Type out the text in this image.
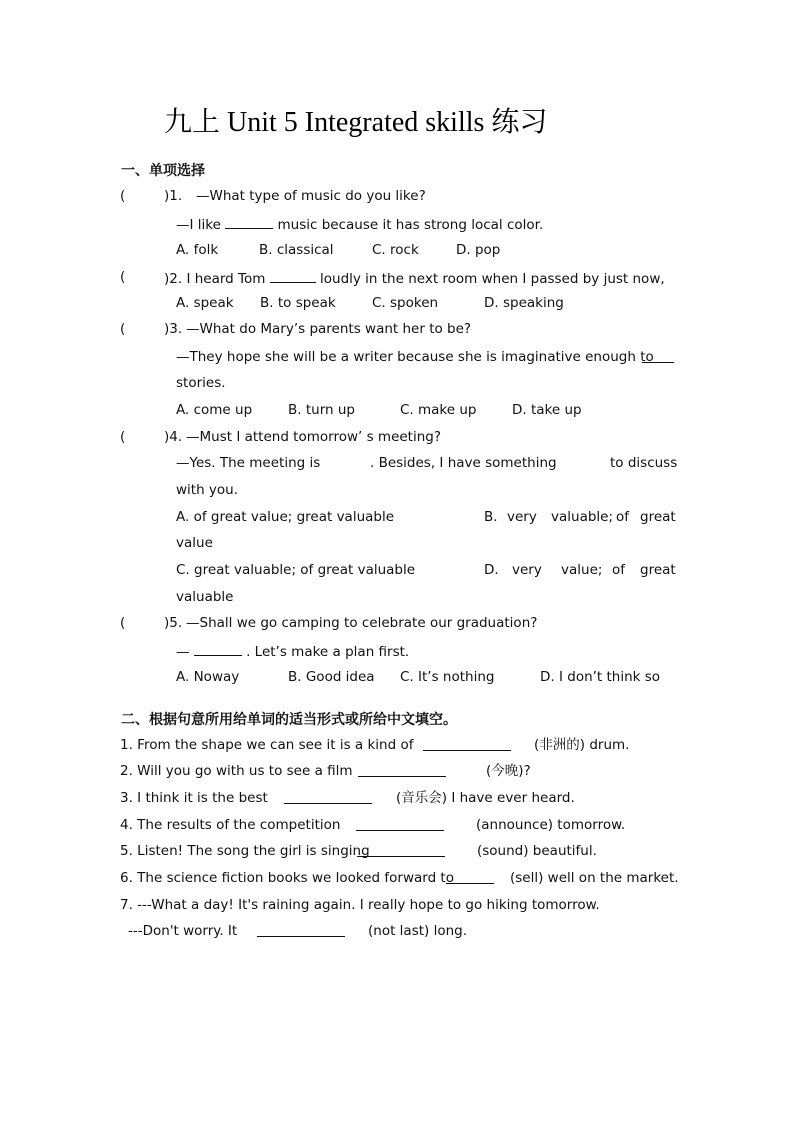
九上 Unit 5 Integrated skills 练习
一、单项选择
(	)1. —What type of music do you like?
—I like	music because it has strong local color.
A. folk	B. classical	C. rock	D. pop
(	)2. I heard Tom	loudly in the next room when I passed by just now,
A. speak B. to speak	C. spoken	D. speaking
(	)3. —What do Mary’s parents want her to be?
—They hope she will be a writer because she is imaginative enough to
stories.
A. come up	B. turn up	C. make up	D. take up
(	)4. —Must I attend tomorrow’ s meeting?
—Yes. The meeting is	. Besides, I have something	to discuss
with you.
A. of great value; great valuable	B. very valuable; of great
value
C. great valuable; of great valuable	D. very value; of great
valuable
(	)5. —Shall we go camping to celebrate our graduation?
—	. Let’s make a plan first.
A. Noway	B. Good idea C. It’s nothing	D. I don’t think so
二、根据句意所用给单词的适当形式或所给中文填空。
1. From the shape we can see it is a kind of	(非洲的) drum.
2. Will you go with us to see a film	(今晚)?
3. I think it is the best	(音乐会) I have ever heard.
4. The results of the competition	(announce) tomorrow.
5. Listen! The song the girl is singing	(sound) beautiful.
6. The science fiction books we looked forward to	(sell) well on the market.
7. ---What a day! It's raining again. I really hope to go hiking tomorrow.
---Don't worry. It	(not last) long.
